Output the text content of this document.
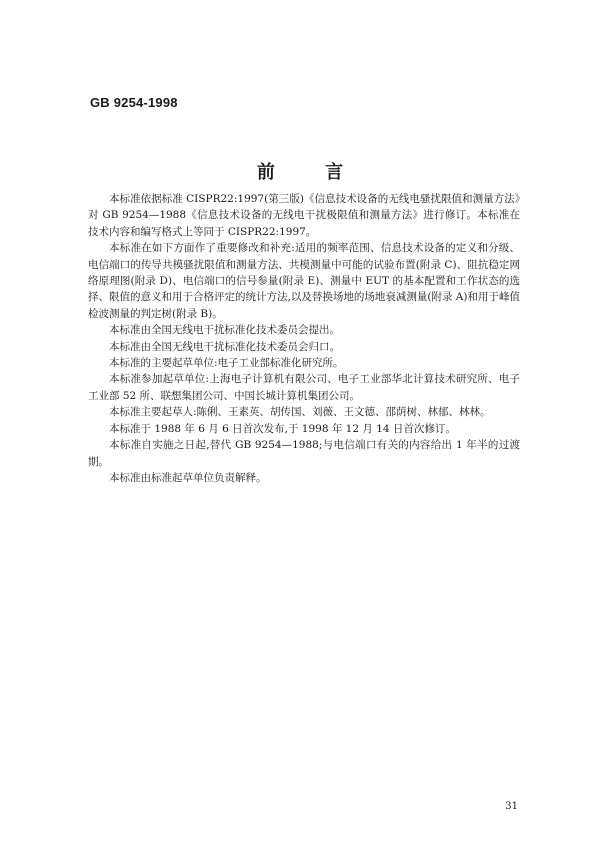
GB 9254-1998
前 言

本标准依据标准 CISPR22:1997(第三版)《信息技术设备的无线电骚扰限值和测量方法》对 GB 9254—1988《信息技术设备的无线电干扰极限值和测量方法》进行修订。本标准在技术内容和编写格式上等同于 CISPR22:1997。

本标准在如下方面作了重要修改和补充:适用的频率范围、信息技术设备的定义和分级、电信端口的传导共模骚扰限值和测量方法、共模测量中可能的试验布置(附录 C)、阻抗稳定网络原理图(附录 D)、电信端口的信号参量(附录 E)、测量中 EUT 的基本配置和工作状态的选择、限值的意义和用于合格评定的统计方法,以及替换场地的场地衰减测量(附录 A)和用于峰值检波测量的判定树(附录 B)。

本标准由全国无线电干扰标准化技术委员会提出。

本标准由全国无线电干扰标准化技术委员会归口。

本标准的主要起草单位:电子工业部标准化研究所。

本标准参加起草单位:上海电子计算机有限公司、电子工业部华北计算技术研究所、电子工业部 52 所、联想集团公司、中国长城计算机集团公司。

本标准主要起草人:陈俐、王素英、胡传国、刘薇、王文德、邵荫树、林郁、林林。

本标准于 1988 年 6 月 6 日首次发布,于 1998 年 12 月 14 日首次修订。

本标准自实施之日起,替代 GB 9254—1988;与电信端口有关的内容给出 1 年半的过渡期。

本标准由标准起草单位负责解释。

31
